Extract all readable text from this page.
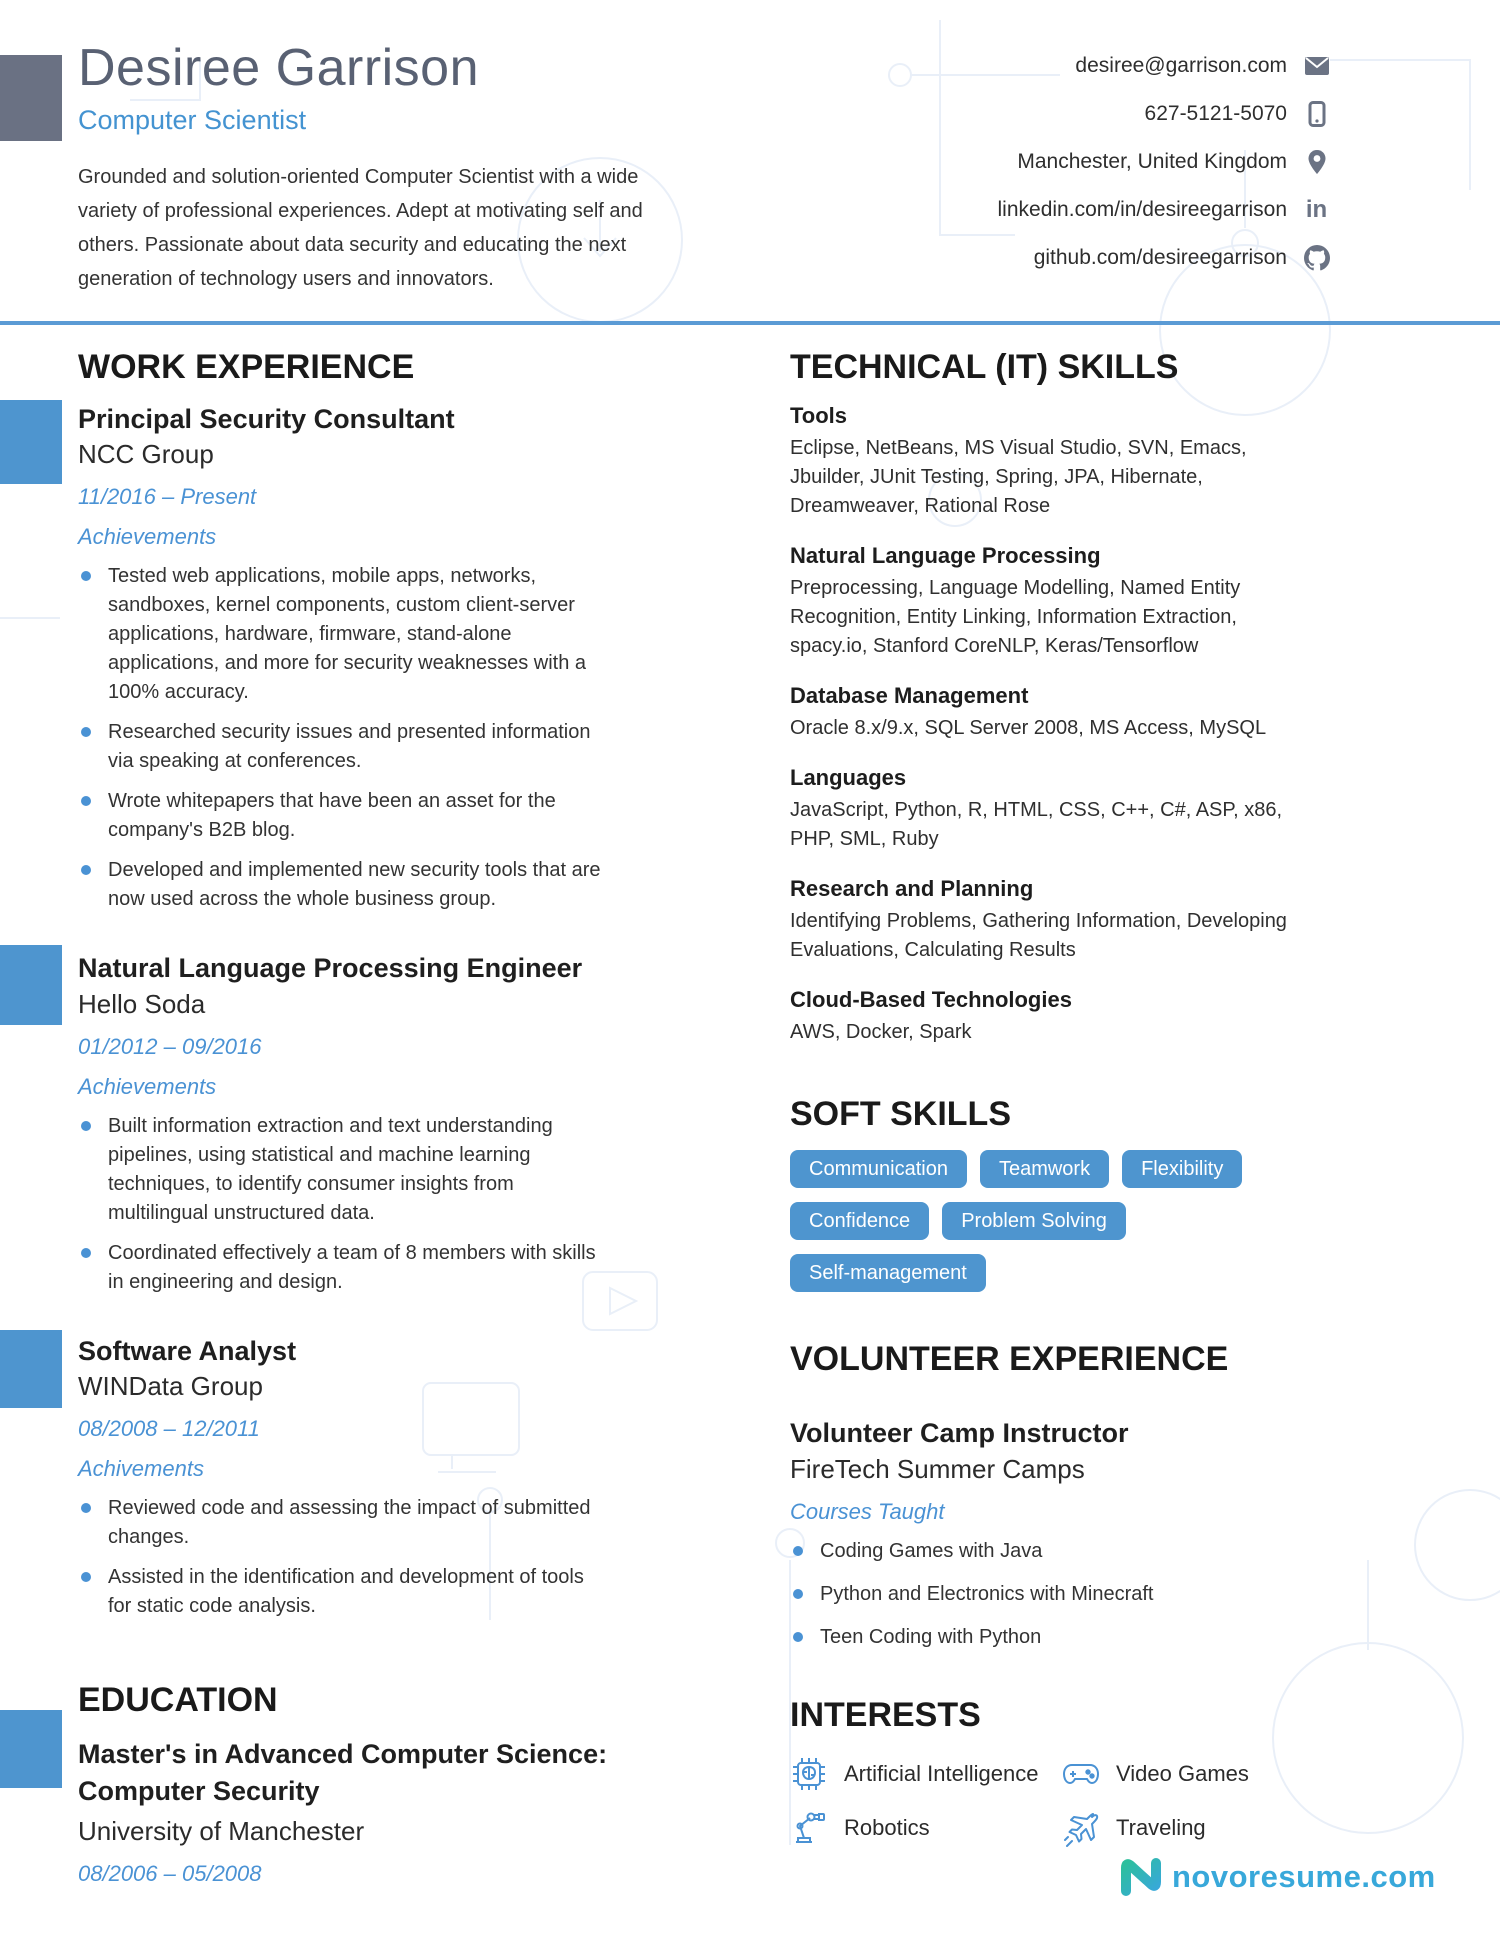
Desiree Garrison
Computer Scientist

Grounded and solution-oriented Computer Scientist with a wide variety of professional experiences. Adept at motivating self and others. Passionate about data security and educating the next generation of technology users and innovators.

desiree@garrison.com
627-5121-5070
Manchester, United Kingdom
linkedin.com/in/desireegarrison in
github.com/desireegarrison
WORK EXPERIENCE
Principal Security Consultant
NCC Group
11/2016 – Present
Achievements
Tested web applications, mobile apps, networks, sandboxes, kernel components, custom client-server applications, hardware, firmware, stand-alone applications, and more for security weaknesses with a 100% accuracy.
Researched security issues and presented information via speaking at conferences.
Wrote whitepapers that have been an asset for the company's B2B blog.
Developed and implemented new security tools that are now used across the whole business group.
Natural Language Processing Engineer
Hello Soda
01/2012 – 09/2016
Achievements
Built information extraction and text understanding pipelines, using statistical and machine learning techniques, to identify consumer insights from multilingual unstructured data.
Coordinated effectively a team of 8 members with skills in engineering and design.
Software Analyst
WINData Group
08/2008 – 12/2011
Achivements
Reviewed code and assessing the impact of submitted changes.
Assisted in the identification and development of tools for static code analysis.
EDUCATION
Master's in Advanced Computer Science: Computer Security
University of Manchester
08/2006 – 05/2008
TECHNICAL (IT) SKILLS
Tools

Eclipse, NetBeans, MS Visual Studio, SVN, Emacs, Jbuilder, JUnit Testing, Spring, JPA, Hibernate, Dreamweaver, Rational Rose

Natural Language Processing

Preprocessing, Language Modelling, Named Entity Recognition, Entity Linking, Information Extraction, spacy.io, Stanford CoreNLP, Keras/Tensorflow

Database Management

Oracle 8.x/9.x, SQL Server 2008, MS Access, MySQL

Languages

JavaScript, Python, R, HTML, CSS, C++, C#, ASP, x86, PHP, SML, Ruby

Research and Planning

Identifying Problems, Gathering Information, Developing Evaluations, Calculating Results

Cloud-Based Technologies

AWS, Docker, Spark

SOFT SKILLS
Communication	Teamwork	Flexibility
Confidence	Problem Solving
Self-management
VOLUNTEER EXPERIENCE
Volunteer Camp Instructor
FireTech Summer Camps
Courses Taught
Coding Games with Java
Python and Electronics with Minecraft
Teen Coding with Python
INTERESTS
Artificial Intelligence	Video Games
Robotics	Traveling
novoresume.com
